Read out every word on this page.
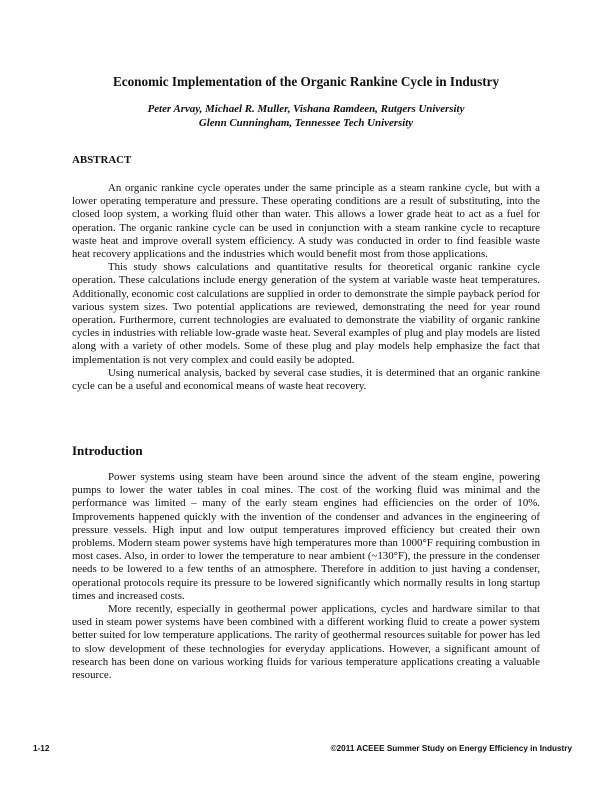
Economic Implementation of the Organic Rankine Cycle in Industry
Peter Arvay, Michael R. Muller, Vishana Ramdeen, Rutgers University
Glenn Cunningham, Tennessee Tech University
ABSTRACT

An organic rankine cycle operates under the same principle as a steam rankine cycle, but with a lower operating temperature and pressure. These operating conditions are a result of substituting, into the closed loop system, a working fluid other than water. This allows a lower grade heat to act as a fuel for operation. The organic rankine cycle can be used in conjunction with a steam rankine cycle to recapture waste heat and improve overall system efficiency. A study was conducted in order to find feasible waste heat recovery applications and the industries which would benefit most from those applications.

This study shows calculations and quantitative results for theoretical organic rankine cycle operation. These calculations include energy generation of the system at variable waste heat temperatures. Additionally, economic cost calculations are supplied in order to demonstrate the simple payback period for various system sizes. Two potential applications are reviewed, demonstrating the need for year round operation. Furthermore, current technologies are evaluated to demonstrate the viability of organic rankine cycles in industries with reliable low-grade waste heat. Several examples of plug and play models are listed along with a variety of other models. Some of these plug and play models help emphasize the fact that implementation is not very complex and could easily be adopted.

Using numerical analysis, backed by several case studies, it is determined that an organic rankine cycle can be a useful and economical means of waste heat recovery.

Introduction

Power systems using steam have been around since the advent of the steam engine, powering pumps to lower the water tables in coal mines. The cost of the working fluid was minimal and the performance was limited – many of the early steam engines had efficiencies on the order of 10%. Improvements happened quickly with the invention of the condenser and advances in the engineering of pressure vessels. High input and low output temperatures improved efficiency but created their own problems. Modern steam power systems have high temperatures more than 1000°F requiring combustion in most cases. Also, in order to lower the temperature to near ambient (~130°F), the pressure in the condenser needs to be lowered to a few tenths of an atmosphere. Therefore in addition to just having a condenser, operational protocols require its pressure to be lowered significantly which normally results in long startup times and increased costs.

More recently, especially in geothermal power applications, cycles and hardware similar to that used in steam power systems have been combined with a different working fluid to create a power system better suited for low temperature applications. The rarity of geothermal resources suitable for power has led to slow development of these technologies for everyday applications. However, a significant amount of research has been done on various working fluids for various temperature applications creating a valuable resource.

1-12	©2011 ACEEE Summer Study on Energy Efficiency in Industry
